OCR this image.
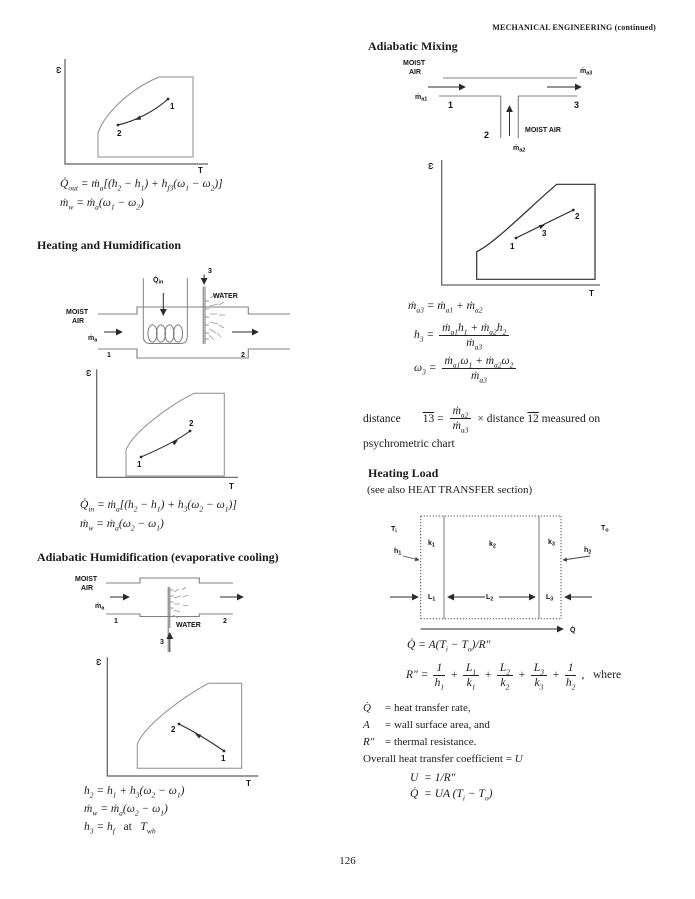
MECHANICAL ENGINEERING (continued)
ω
T
1
2
$Q̇_{out}$ = $ṁ_a[(h_2 - h_1) + h_{f3}(\omega_1 - \omega_2)]$
ṁ$_w$ = $ṁ_a(\omega_1 - \omega_2)$
Heating and Humidification
MOIST
AIR
ṁ$_a$
$Q̇_{in}$
3
WATER
1	2
ω
T
1
2
$Q̇_{in}$ = $ṁ_a[(h_2 - h_1) + h_3(\omega_2 - \omega_1)]$
ṁ$_w$ = $ṁ_a(\omega_2 - \omega_1)$
Adiabatic Humidification (evaporative cooling)
MOIST
AIR
ṁ$_a$
1	2
WATER
3
ω
T
2
1
$h_2 = h_1 + h_3(\omega_2 - \omega_1)$
ṁ$_w$ = $ṁ_a(\omega_2 - \omega_1)$
$h_3 = h_f$ at   $T_{wb}$
Adiabatic Mixing
MOIST
AIR	ṁ$_{a3}$
ṁ$_{a1}$
1	3
2	MOIST AIR
ṁ$_{a2}$
ω
T
1
3
2
ṁ$_{a3}$ = ṁ$_{a1}$ + ṁ$_{a2}$
$h_3 = \frac{ṁ_{a1}h_1 + ṁ_{a2}h_2}{ṁ_{a3}}$
$\omega_3 = \frac{ṁ_{a1}\omega_1 + ṁ_{a2}\omega_2}{ṁ_{a3}}$
distance $13 = \frac{ṁ_{a2}}{ṁ_{a3}}$ × distance 12 measured on
psychrometric chart
Heating Load
(see also HEAT TRANSFER section)
$T_i$
$h_1$
$k_1$	$k_2$
$k_3$
$h_2$
$T_o$
$L_1$	$L_2$	$L_3$
Q̇
Q̇ = $A(T_i - T_o)/R''$
$R'' = \frac{1}{h_1} + \frac{L_1}{k_1} + \frac{L_2}{k_2} + \frac{L_3}{k_3} + \frac{1}{h_2}$ ,   where
Q̇	= heat transfer rate,
A	= wall surface area, and
R″ = thermal resistance.
Overall heat transfer coefficient = U
U  = 1/R″
Q̇  = UA $(T_i - T_o)$
126
